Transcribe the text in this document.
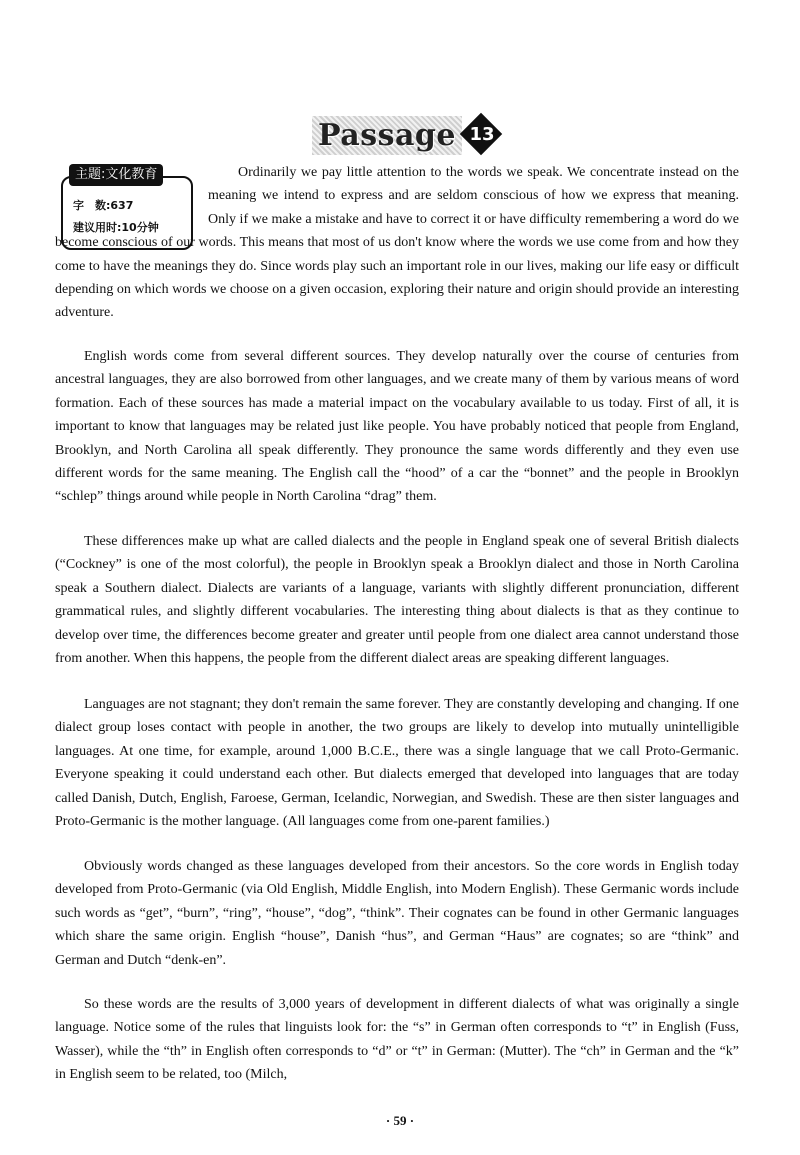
Passage 13
主题:文化教育
字　数:637
建议用时:10分钟
Ordinarily we pay little attention to the words we speak. We concentrate instead on the meaning we intend to express and are seldom conscious of how we express that meaning. Only if we make a mistake and have to correct it or have difficulty remembering a word do we become conscious of our words. This means that most of us don't know where the words we use come from and how they come to have the meanings they do. Since words play such an important role in our lives, making our life easy or difficult depending on which words we choose on a given occasion, exploring their nature and origin should provide an interesting adventure.

English words come from several different sources. They develop naturally over the course of centuries from ancestral languages, they are also borrowed from other languages, and we create many of them by various means of word formation. Each of these sources has made a material impact on the vocabulary available to us today. First of all, it is important to know that languages may be related just like people. You have probably noticed that people from England, Brooklyn, and North Carolina all speak differently. They pronounce the same words differently and they even use different words for the same meaning. The English call the “hood” of a car the “bonnet” and the people in Brooklyn “schlep” things around while people in North Carolina “drag” them.

These differences make up what are called dialects and the people in England speak one of several British dialects (“Cockney” is one of the most colorful), the people in Brooklyn speak a Brooklyn dialect and those in North Carolina speak a Southern dialect. Dialects are variants of a language, variants with slightly different pronunciation, different grammatical rules, and slightly different vocabularies. The interesting thing about dialects is that as they continue to develop over time, the differences become greater and greater until people from one dialect area cannot understand those from another. When this happens, the people from the different dialect areas are speaking different languages.

Languages are not stagnant; they don't remain the same forever. They are constantly developing and changing. If one dialect group loses contact with people in another, the two groups are likely to develop into mutually unintelligible languages. At one time, for example, around 1,000 B.C.E., there was a single language that we call Proto-Germanic. Everyone speaking it could understand each other. But dialects emerged that developed into languages that are today called Danish, Dutch, English, Faroese, German, Icelandic, Norwegian, and Swedish. These are then sister languages and Proto-Germanic is the mother language. (All languages come from one-parent families.)

Obviously words changed as these languages developed from their ancestors. So the core words in English today developed from Proto-Germanic (via Old English, Middle English, into Modern English). These Germanic words include such words as “get”, “burn”, “ring”, “house”, “dog”, “think”. Their cognates can be found in other Germanic languages which share the same origin. English “house”, Danish “hus”, and German “Haus” are cognates; so are “think” and German and Dutch “denk-en”.

So these words are the results of 3,000 years of development in different dialects of what was originally a single language. Notice some of the rules that linguists look for: the “s” in German often corresponds to “t” in English (Fuss, Wasser), while the “th” in English often corresponds to “d” or “t” in German: (Mutter). The “ch” in German and the “k” in English seem to be related, too (Milch,

· 59 ·
